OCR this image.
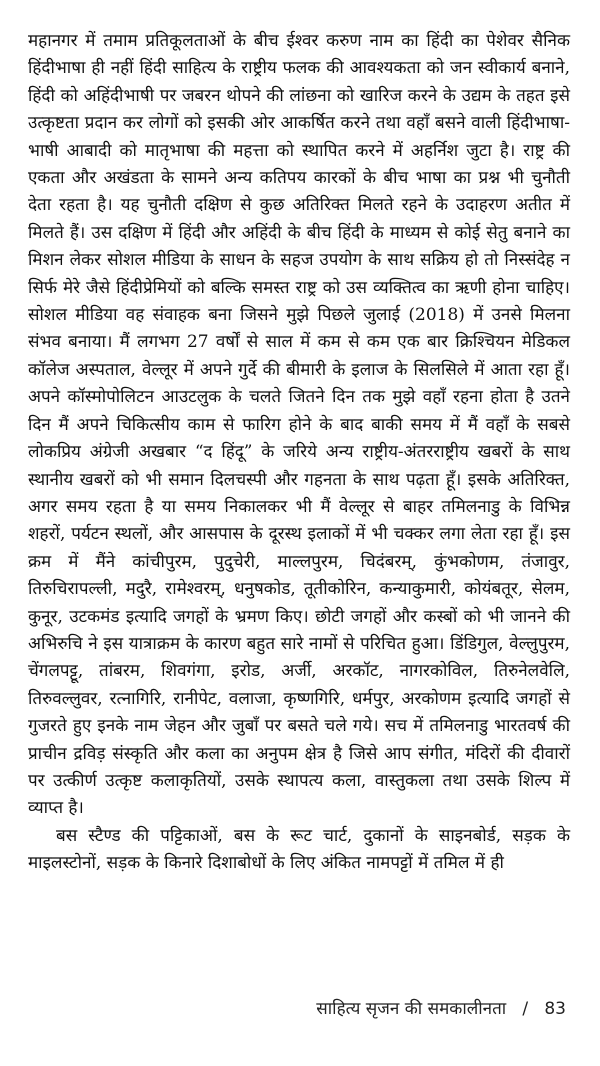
महानगर में तमाम प्रतिकूलताओं के बीच ईश्वर करुण नाम का हिंदी का पेशेवर सैनिक हिंदीभाषा ही नहीं हिंदी साहित्य के राष्ट्रीय फलक की आवश्यकता को जन स्वीकार्य बनाने, हिंदी को अहिंदीभाषी पर जबरन थोपने की लांछना को खारिज करने के उद्यम के तहत इसे उत्कृष्टता प्रदान कर लोगों को इसकी ओर आकर्षित करने तथा वहाँ बसने वाली हिंदीभाषा-भाषी आबादी को मातृभाषा की महत्ता को स्थापित करने में अहर्निश जुटा है। राष्ट्र की एकता और अखंडता के सामने अन्य कतिपय कारकों के बीच भाषा का प्रश्न भी चुनौती देता रहता है। यह चुनौती दक्षिण से कुछ अतिरिक्त मिलते रहने के उदाहरण अतीत में मिलते हैं। उस दक्षिण में हिंदी और अहिंदी के बीच हिंदी के माध्यम से कोई सेतु बनाने का मिशन लेकर सोशल मीडिया के साधन के सहज उपयोग के साथ सक्रिय हो तो निस्संदेह न सिर्फ मेरे जैसे हिंदीप्रेमियों को बल्कि समस्त राष्ट्र को उस व्यक्तित्व का ऋणी होना चाहिए। सोशल मीडिया वह संवाहक बना जिसने मुझे पिछले जुलाई (2018) में उनसे मिलना संभव बनाया। मैं लगभग 27 वर्षों से साल में कम से कम एक बार क्रिश्चियन मेडिकल कॉलेज अस्पताल, वेल्लूर में अपने गुर्दे की बीमारी के इलाज के सिलसिले में आता रहा हूँ। अपने कॉस्मोपोलिटन आउटलुक के चलते जितने दिन तक मुझे वहाँ रहना होता है उतने दिन मैं अपने चिकित्सीय काम से फारिग होने के बाद बाकी समय में मैं वहाँ के सबसे लोकप्रिय अंग्रेजी अखबार “द हिंदू” के जरिये अन्य राष्ट्रीय-अंतरराष्ट्रीय खबरों के साथ स्थानीय खबरों को भी समान दिलचस्पी और गहनता के साथ पढ़ता हूँ। इसके अतिरिक्त, अगर समय रहता है या समय निकालकर भी मैं वेल्लूर से बाहर तमिलनाडु के विभिन्न शहरों, पर्यटन स्थलों, और आसपास के दूरस्थ इलाकों में भी चक्कर लगा लेता रहा हूँ। इस क्रम में मैंने कांचीपुरम, पुदुचेरी, माल्लपुरम, चिदंबरम्, कुंभकोणम, तंजावुर, तिरुचिरापल्ली, मदुरै, रामेश्वरम्, धनुषकोड, तूतीकोरिन, कन्याकुमारी, कोयंबतूर, सेलम, कुनूर, उटकमंड इत्यादि जगहों के भ्रमण किए। छोटी जगहों और कस्बों को भी जानने की अभिरुचि ने इस यात्राक्रम के कारण बहुत सारे नामों से परिचित हुआ। डिंडिगुल, वेल्लुपुरम, चेंगलपट्टू, तांबरम, शिवगंगा, इरोड, अर्जी, अरकॉट, नागरकोविल, तिरुनेलवेलि, तिरुवल्लुवर, रत्नागिरि, रानीपेट, वलाजा, कृष्णगिरि, धर्मपुर, अरकोणम इत्यादि जगहों से गुजरते हुए इनके नाम जेहन और जुबाँ पर बसते चले गये। सच में तमिलनाडु भारतवर्ष की प्राचीन द्रविड़ संस्कृति और कला का अनुपम क्षेत्र है जिसे आप संगीत, मंदिरों की दीवारों पर उत्कीर्ण उत्कृष्ट कलाकृतियों, उसके स्थापत्य कला, वास्तुकला तथा उसके शिल्प में व्याप्त है।

बस स्टैण्ड की पट्टिकाओं, बस के रूट चार्ट, दुकानों के साइनबोर्ड, सड़क के माइलस्टोनों, सड़क के किनारे दिशाबोधों के लिए अंकित नामपट्टों में तमिल में ही

साहित्य सृजन की समकालीनता / 83
